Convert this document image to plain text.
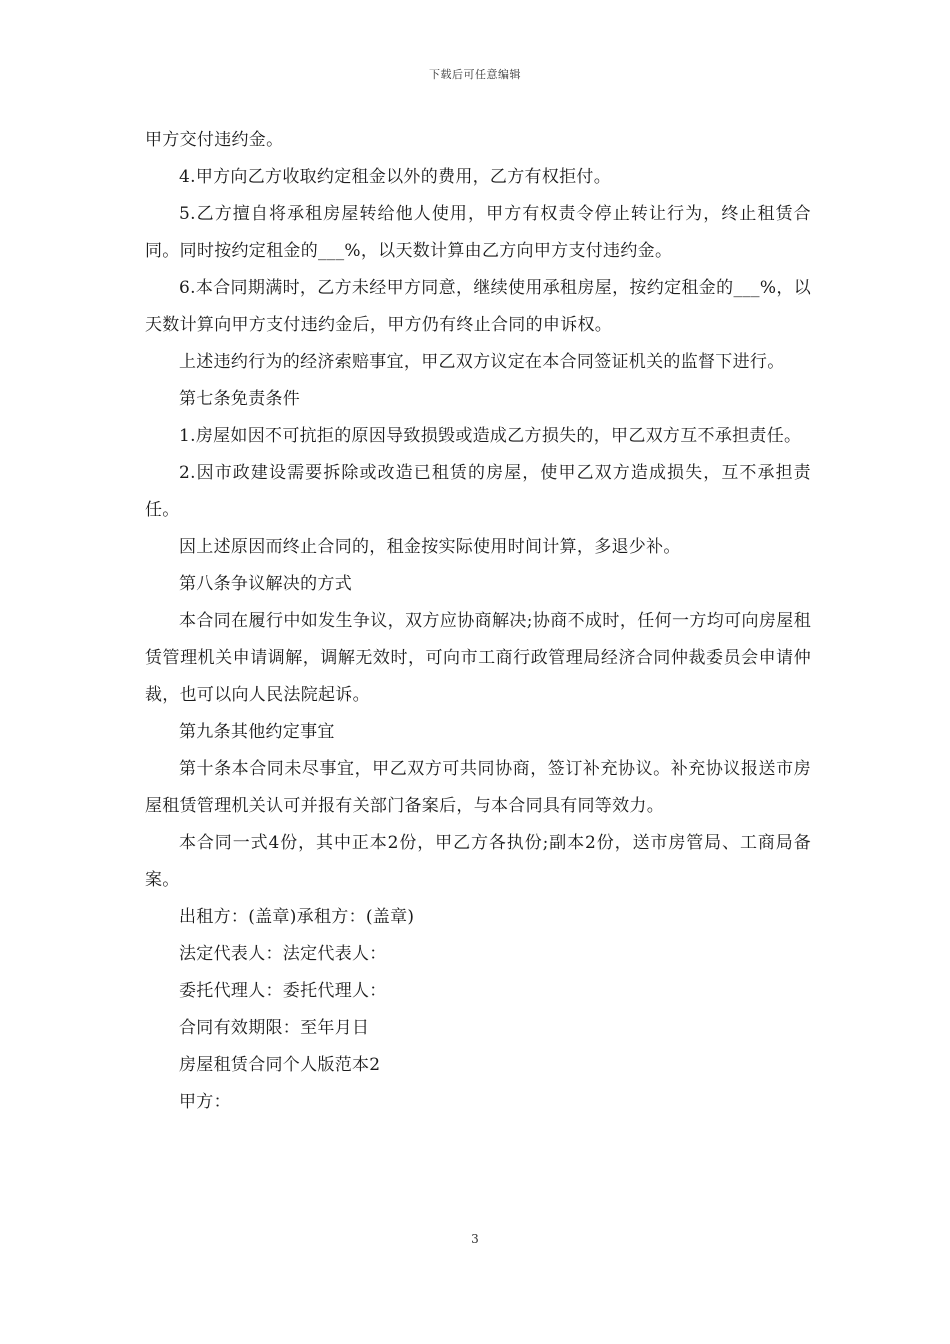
下载后可任意编辑

甲方交付违约金。

4.甲方向乙方收取约定租金以外的费用，乙方有权拒付。

5.乙方擅自将承租房屋转给他人使用，甲方有权责令停止转让行为，终止租赁合同。同时按约定租金的___%，以天数计算由乙方向甲方支付违约金。

6.本合同期满时，乙方未经甲方同意，继续使用承租房屋，按约定租金的___%，以天数计算向甲方支付违约金后，甲方仍有终止合同的申诉权。

上述违约行为的经济索赔事宜，甲乙双方议定在本合同签证机关的监督下进行。

第七条免责条件

1.房屋如因不可抗拒的原因导致损毁或造成乙方损失的，甲乙双方互不承担责任。

2.因市政建设需要拆除或改造已租赁的房屋，使甲乙双方造成损失，互不承担责任。

因上述原因而终止合同的，租金按实际使用时间计算，多退少补。

第八条争议解决的方式

本合同在履行中如发生争议，双方应协商解决;协商不成时，任何一方均可向房屋租赁管理机关申请调解，调解无效时，可向市工商行政管理局经济合同仲裁委员会申请仲裁，也可以向人民法院起诉。

第九条其他约定事宜

第十条本合同未尽事宜，甲乙双方可共同协商，签订补充协议。补充协议报送市房屋租赁管理机关认可并报有关部门备案后，与本合同具有同等效力。

本合同一式4份，其中正本2份，甲乙方各执份;副本2份，送市房管局、工商局备案。

出租方：(盖章)承租方：(盖章)

法定代表人：法定代表人：

委托代理人：委托代理人：

合同有效期限：至年月日

房屋租赁合同个人版范本2

甲方：

3
